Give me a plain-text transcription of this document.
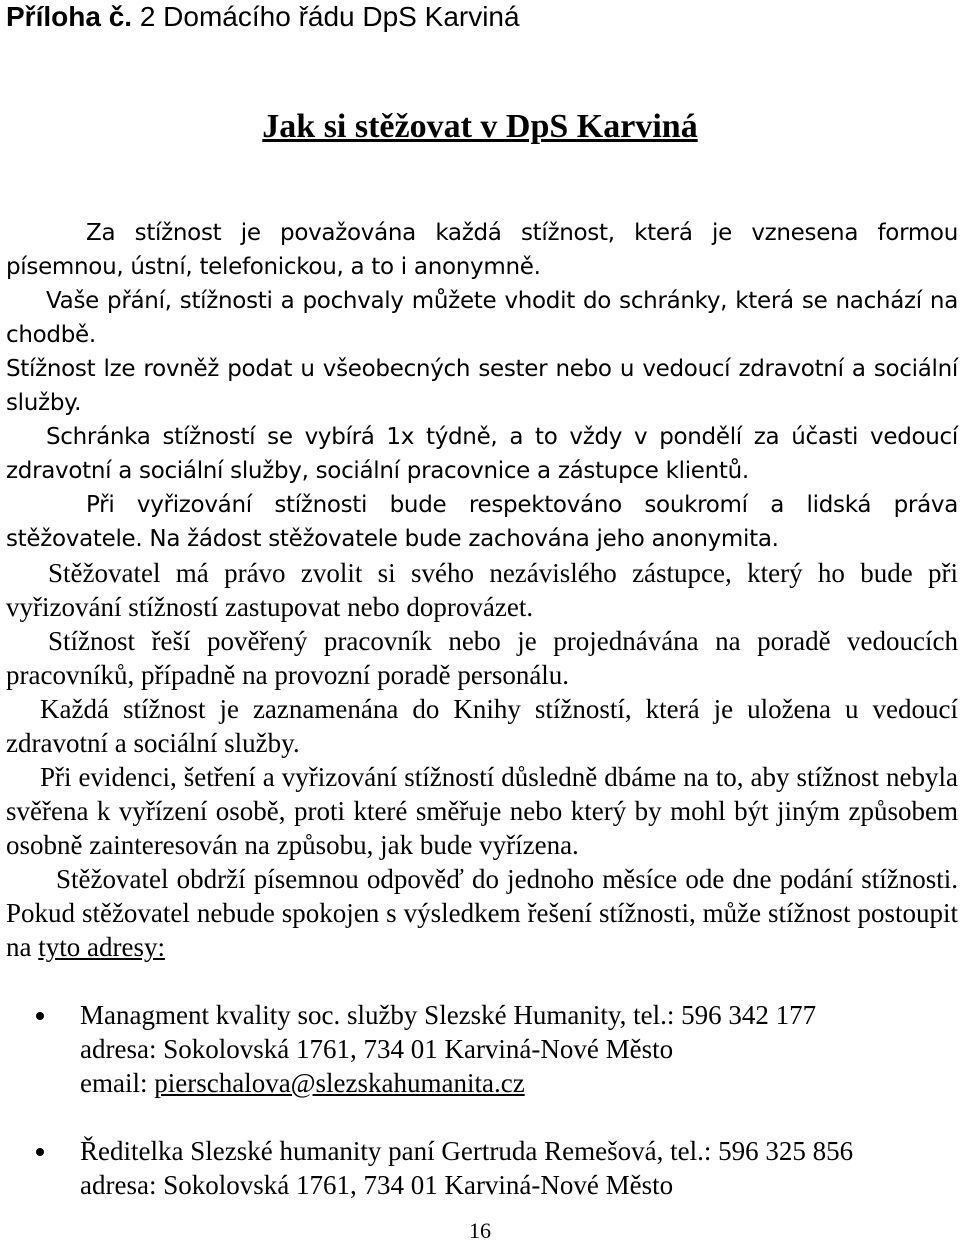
Příloha č. 2 Domácího řádu DpS Karviná
Jak si stěžovat v DpS Karviná

Za stížnost je považována každá stížnost, která je vznesena formou písemnou, ústní, telefonickou, a to i anonymně.

Vaše přání, stížnosti a pochvaly můžete vhodit do schránky, která se nachází na chodbě.

Stížnost lze rovněž podat u všeobecných sester nebo u vedoucí zdravotní a sociální služby.

Schránka stížností se vybírá 1x týdně, a to vždy v pondělí za účasti vedoucí zdravotní a sociální služby, sociální pracovnice a zástupce klientů.

Při vyřizování stížnosti bude respektováno soukromí a lidská práva stěžovatele. Na žádost stěžovatele bude zachována jeho anonymita.

Stěžovatel má právo zvolit si svého nezávislého zástupce, který ho bude při vyřizování stížností zastupovat nebo doprovázet.

Stížnost řeší pověřený pracovník nebo je projednávána na poradě vedoucích pracovníků, případně na provozní poradě personálu.

Každá stížnost je zaznamenána do Knihy stížností, která je uložena u vedoucí zdravotní a sociální služby.

Při evidenci, šetření a vyřizování stížností důsledně dbáme na to, aby stížnost nebyla svěřena k vyřízení osobě, proti které směřuje nebo který by mohl být jiným způsobem osobně zainteresován na způsobu, jak bude vyřízena.

Stěžovatel obdrží písemnou odpověď do jednoho měsíce ode dne podání stížnosti. Pokud stěžovatel nebude spokojen s výsledkem řešení stížnosti, může stížnost postoupit na tyto adresy:

Managment kvality soc. služby Slezské Humanity, tel.: 596 342 177
adresa: Sokolovská 1761, 734 01 Karviná-Nové Město
email: pierschalova@slezskahumanita.cz
Ředitelka Slezské humanity paní Gertruda Remešová, tel.: 596 325 856
adresa: Sokolovská 1761, 734 01 Karviná-Nové Město
16
